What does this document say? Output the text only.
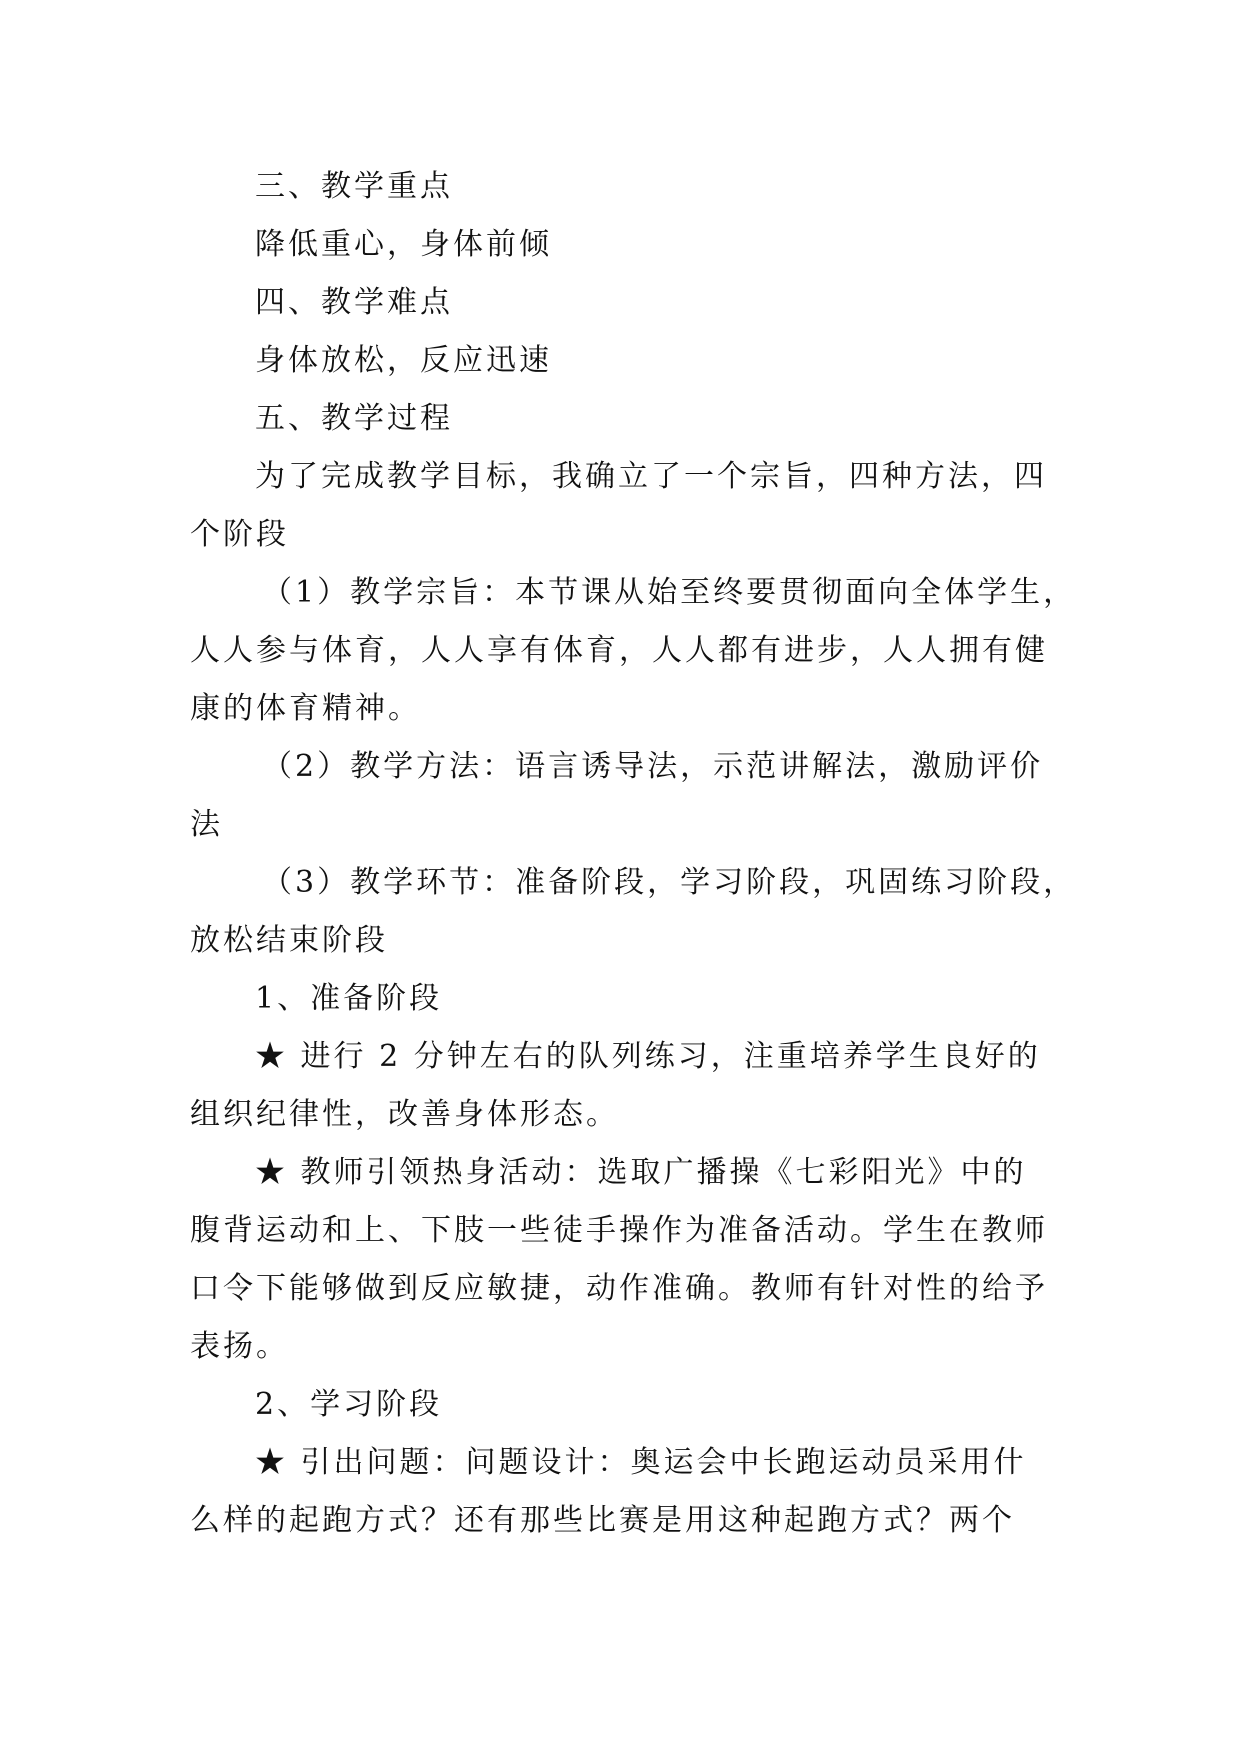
三、教学重点
降低重心，身体前倾
四、教学难点
身体放松，反应迅速
五、教学过程
为了完成教学目标，我确立了一个宗旨，四种方法，四
个阶段
（1）教学宗旨：本节课从始至终要贯彻面向全体学生，
人人参与体育，人人享有体育，人人都有进步，人人拥有健
康的体育精神。
（2）教学方法：语言诱导法，示范讲解法，激励评价
法
（3）教学环节：准备阶段，学习阶段，巩固练习阶段，
放松结束阶段
1、准备阶段
★ 进行 2 分钟左右的队列练习，注重培养学生良好的
组织纪律性，改善身体形态。
★ 教师引领热身活动：选取广播操《七彩阳光》中的
腹背运动和上、下肢一些徒手操作为准备活动。学生在教师
口令下能够做到反应敏捷，动作准确。教师有针对性的给予
表扬。
2、学习阶段
★ 引出问题：问题设计：奥运会中长跑运动员采用什
么样的起跑方式？还有那些比赛是用这种起跑方式？两个
